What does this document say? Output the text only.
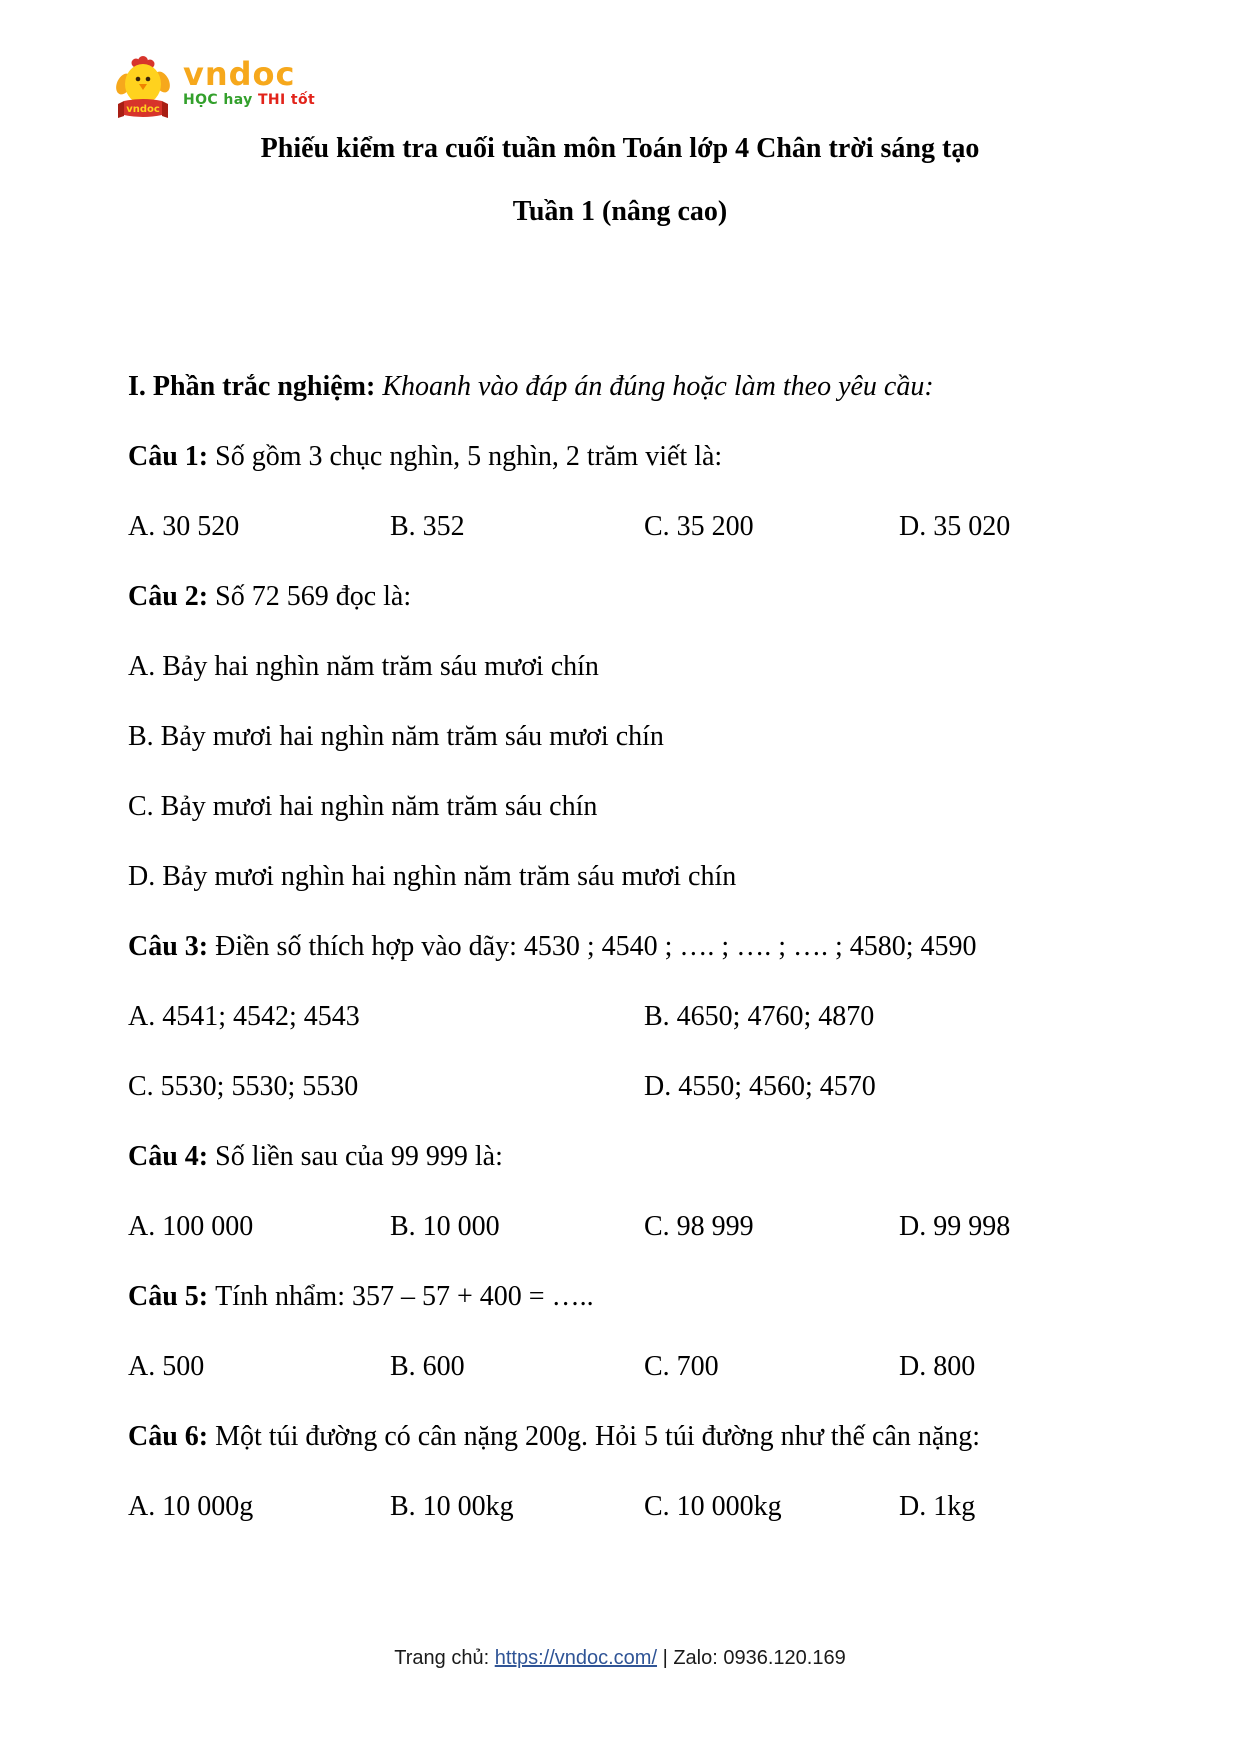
vndoc
vndoc
HỌC hay THI tốt
Phiếu kiểm tra cuối tuần môn Toán lớp 4 Chân trời sáng tạo
Tuần 1 (nâng cao)
I. Phần trắc nghiệm: Khoanh vào đáp án đúng hoặc làm theo yêu cầu:
Câu 1: Số gồm 3 chục nghìn, 5 nghìn, 2 trăm viết là:
A. 30 520	B. 352	C. 35 200	D. 35 020
Câu 2: Số 72 569 đọc là:
A. Bảy hai nghìn năm trăm sáu mươi chín
B. Bảy mươi hai nghìn năm trăm sáu mươi chín
C. Bảy mươi hai nghìn năm trăm sáu chín
D. Bảy mươi nghìn hai nghìn năm trăm sáu mươi chín
Câu 3: Điền số thích hợp vào dãy: 4530 ; 4540 ; …. ; …. ; …. ; 4580; 4590
A. 4541; 4542; 4543	B. 4650; 4760; 4870
C. 5530; 5530; 5530	D. 4550; 4560; 4570
Câu 4: Số liền sau của 99 999 là:
A. 100 000	B. 10 000	C. 98 999	D. 99 998
Câu 5: Tính nhẩm: 357 – 57 + 400 = …..
A. 500	B. 600	C. 700	D. 800
Câu 6: Một túi đường có cân nặng 200g. Hỏi 5 túi đường như thế cân nặng:
A. 10 000g	B. 10 00kg	C. 10 000kg	D. 1kg
Trang chủ: https://vndoc.com/ | Zalo: 0936.120.169
